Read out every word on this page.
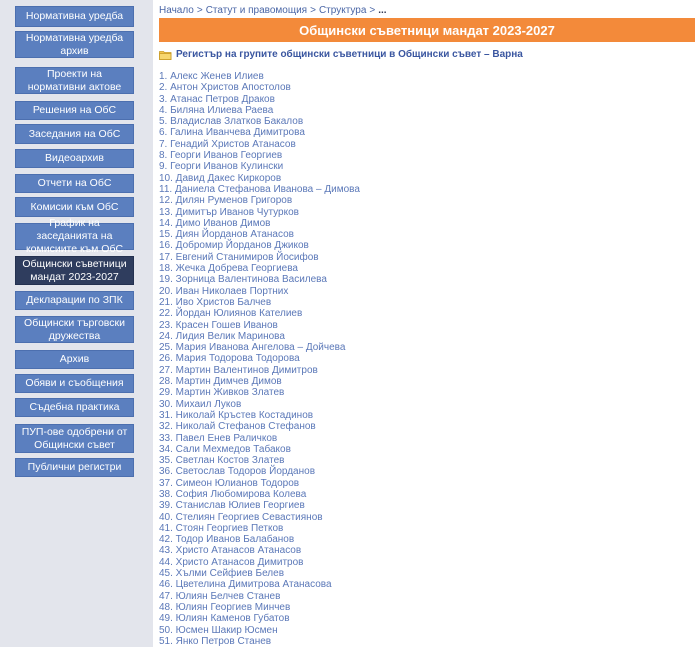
Нормативна уредба
Нормативна уредба архив
Проекти на нормативни актове
Решения на ОбС
Заседания на ОбС
Видеоархив
Отчети на ОбС
Комисии към ОбС
График на заседанията на комисиите към ОбС
Общински съветници мандат 2023-2027
Декларации по ЗПК
Общински търговски дружества
Архив
Обяви и съобщения
Съдебна практика
ПУП-ове одобрени от Общински съвет
Публични регистри
Начало > Статут и правомощия > Структура > ...
Общински съветници мандат 2023-2027
Регистър на групите общински съветници в Общински съвет – Варна
1. Алекс Женев Илиев
2. Антон Христов Апостолов
3. Атанас Петров Драков
4. Биляна Илиева Раева
5. Владислав Златков Бакалов
6. Галина Иванчева Димитрова
7. Генадий Христов Атанасов
8. Георги Иванов Георгиев
9. Георги Иванов Кулински
10. Давид Дакес Киркоров
11. Даниела Стефанова Иванова – Димова
12. Дилян Руменов Григоров
13. Димитър Иванов Чутурков
14. Димо Иванов Димов
15. Диян Йорданов Атанасов
16. Добромир Йорданов Джиков
17. Евгений Станимиров Йосифов
18. Жечка Добрева Георгиева
19. Зорница Валентинова Василева
20. Иван Николаев Портних
21. Иво Христов Балчев
22. Йордан Юлиянов Кателиев
23. Красен Гошев Иванов
24. Лидия Велик Маринова
25. Мария Иванова Ангелова – Дойчева
26. Мария Тодорова Тодорова
27. Мартин Валентинов Димитров
28. Мартин Димчев Димов
29. Мартин Живков Златев
30. Михаил Луков
31. Николай Кръстев Костадинов
32. Николай Стефанов Стефанов
33. Павел Енев Раличков
34. Сали Мехмедов Табаков
35. Светлан Костов Златев
36. Светослав Тодоров Йорданов
37. Симеон Юлианов Тодоров
38. София Любомирова Колева
39. Станислав Юлиев Георгиев
40. Стелиян Георгиев Севастиянов
41. Стоян Георгиев Петков
42. Тодор Иванов Балабанов
43. Христо Атанасов Атанасов
44. Христо Атанасов Димитров
45. Хълми Сейфиев Белев
46. Цветелина Димитрова Атанасова
47. Юлиян Белчев Станев
48. Юлиян Георгиев Минчев
49. Юлиян Каменов Губатов
50. Юсмен Шакир Юсмен
51. Янко Петров Станев
